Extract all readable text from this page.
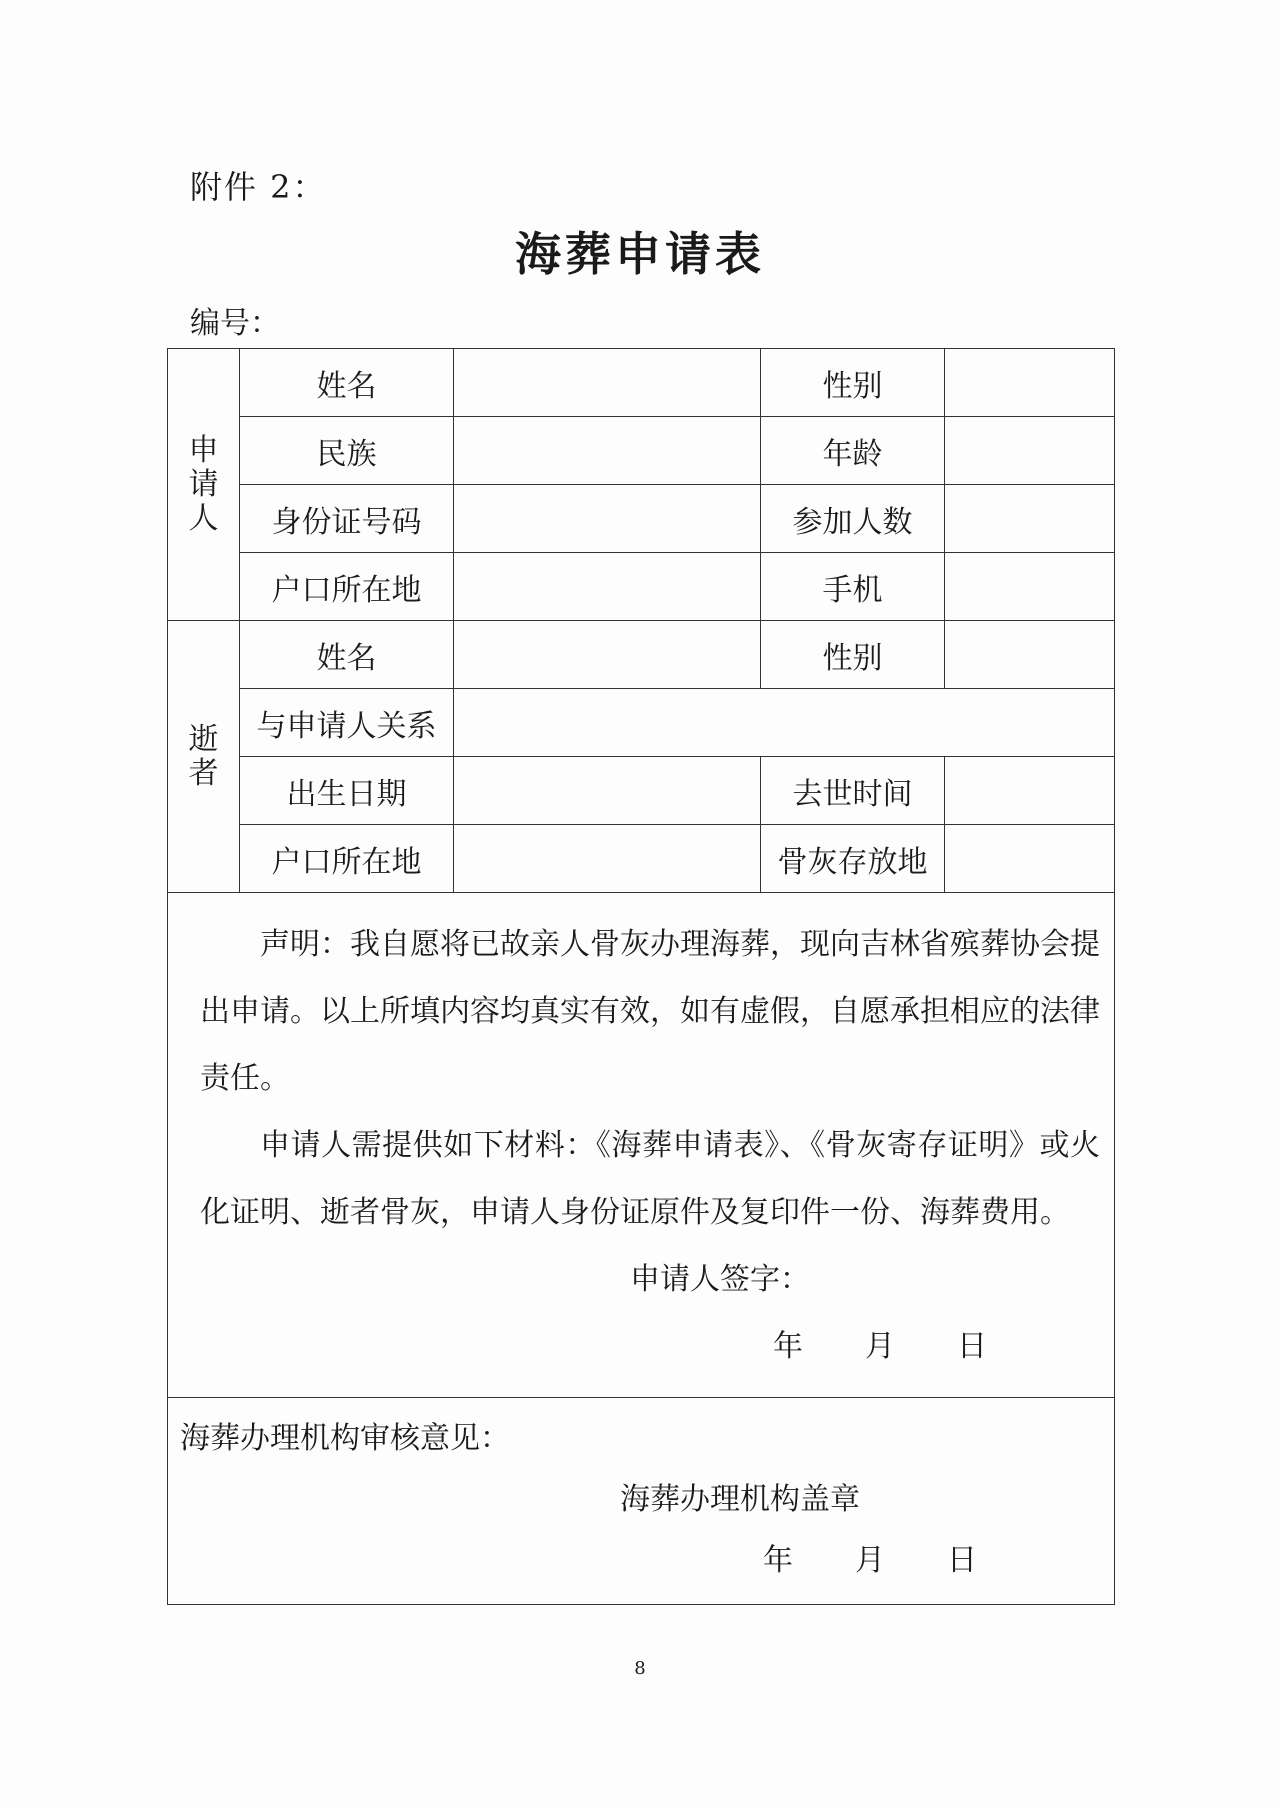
附件 2：
海葬申请表
编号：
申
请
人	姓名		性别	
	民族		年龄	
	身份证号码		参加人数	
	户口所在地		手机	

逝
者	姓名		性别	
	与申请人关系			
	出生日期		去世时间	
	户口所在地		骨灰存放地	

声明：我自愿将已故亲人骨灰办理海葬，现向吉林省殡葬协会提出申请。以上所填内容均真实有效，如有虚假，自愿承担相应的法律责任。

申请人需提供如下材料：《海葬申请表》、《骨灰寄存证明》或火化证明、逝者骨灰，申请人身份证原件及复印件一份、海葬费用。

申请人签字：
年 月 日				

海葬办理机构审核意见：
海葬办理机构盖章
年 月 日				
8
